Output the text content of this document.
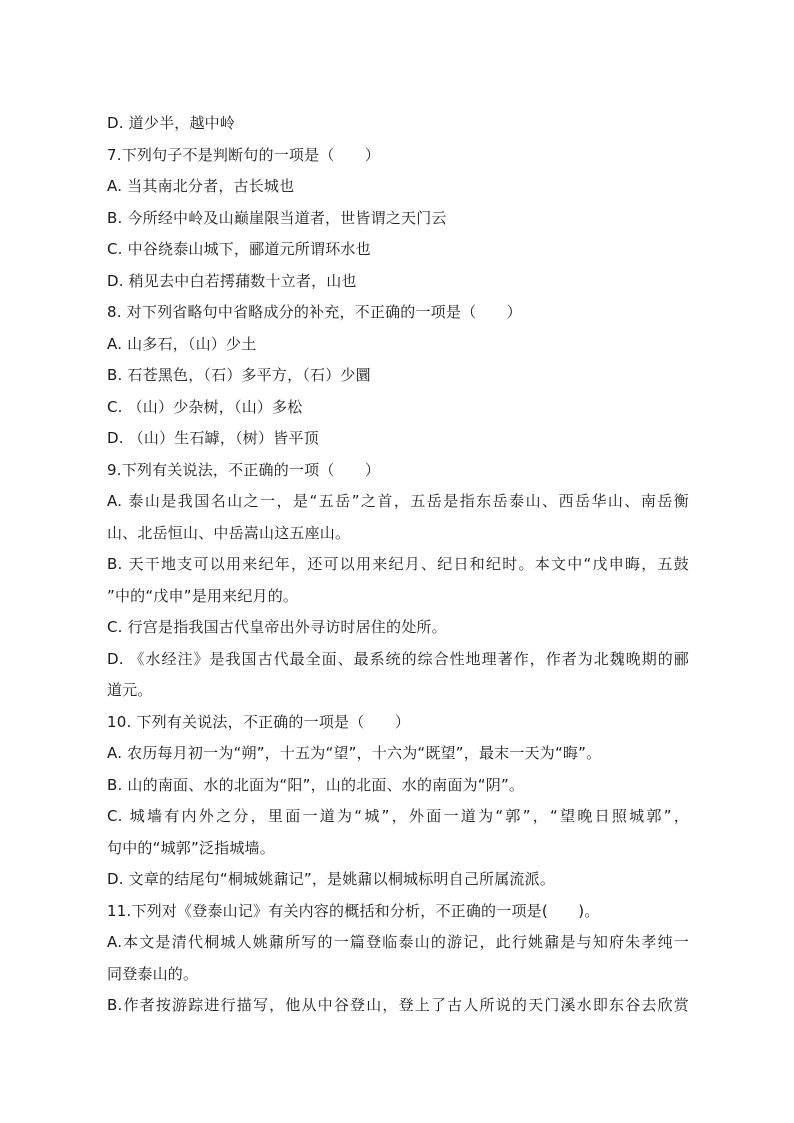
D. 道少半，越中岭
7.下列句子不是判断句的一项是（　　）
A. 当其南北分者，古长城也
B. 今所经中岭及山巅崖限当道者，世皆谓之天门云
C. 中谷绕泰山城下，郦道元所谓环水也
D. 稍见去中白若摴蒱数十立者，山也
8. 对下列省略句中省略成分的补充，不正确的一项是（　　）
A. 山多石，（山）少土
B. 石苍黑色，（石）多平方，（石）少圜
C. （山）少杂树，（山）多松
D. （山）生石罅，（树）皆平顶
9.下列有关说法，不正确的一项（　　）
A. 泰山是我国名山之一，是“五岳”之首，五岳是指东岳泰山、西岳华山、南岳衡
山、北岳恒山、中岳嵩山这五座山。
B. 天干地支可以用来纪年，还可以用来纪月、纪日和纪时。本文中“戊申晦，五鼓
”中的“戊申”是用来纪月的。
C. 行宫是指我国古代皇帝出外寻访时居住的处所。
D. 《水经注》是我国古代最全面、最系统的综合性地理著作，作者为北魏晚期的郦
道元。
10. 下列有关说法，不正确的一项是（　　）
A. 农历每月初一为“朔”，十五为“望”，十六为“既望”，最末一天为“晦”。
B. 山的南面、水的北面为“阳”，山的北面、水的南面为“阴”。
C. 城墙有内外之分，里面一道为“城”，外面一道为“郭”，“望晚日照城郭”，
句中的“城郭”泛指城墙。
D. 文章的结尾句“桐城姚鼐记”，是姚鼐以桐城标明自己所属流派。
11.下列对《登泰山记》有关内容的概括和分析，不正确的一项是(　　)。
A.本文是清代桐城人姚鼐所写的一篇登临泰山的游记，此行姚鼐是与知府朱孝纯一
同登泰山的。
B.作者按游踪进行描写，他从中谷登山，登上了古人所说的天门溪水即东谷去欣赏
